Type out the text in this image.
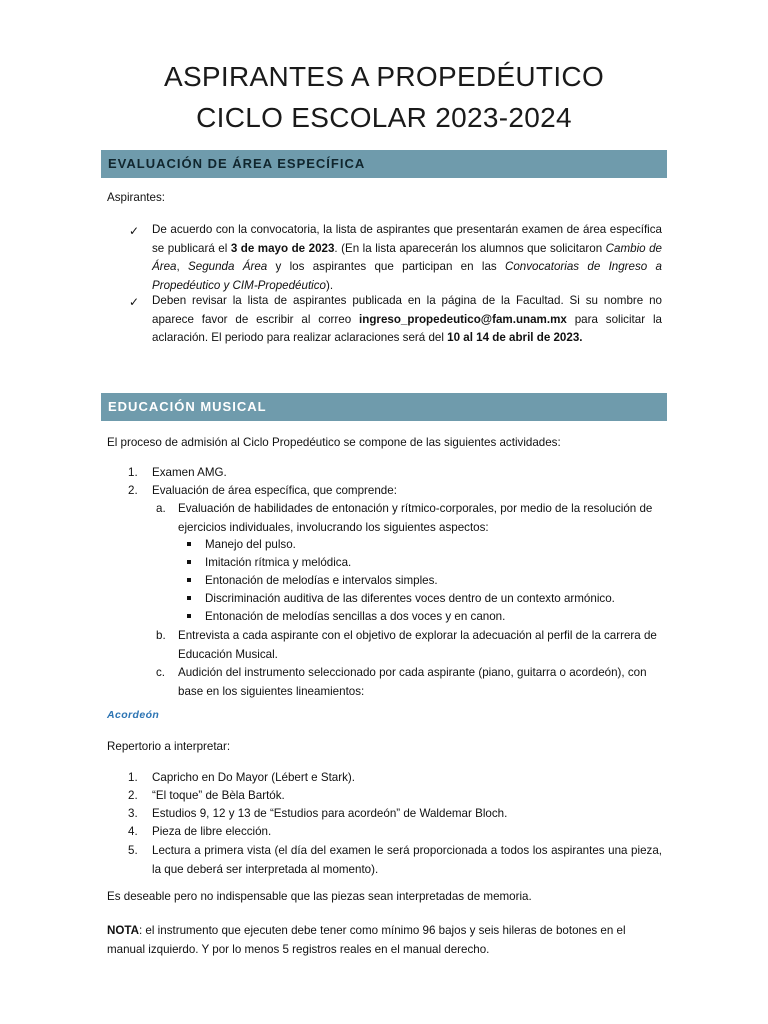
ASPIRANTES A PROPEDÉUTICO
CICLO ESCOLAR 2023-2024
EVALUACIÓN DE ÁREA ESPECÍFICA
Aspirantes:
✓ De acuerdo con la convocatoria, la lista de aspirantes que presentarán examen de área específica se publicará el 3 de mayo de 2023. (En la lista aparecerán los alumnos que solicitaron Cambio de Área, Segunda Área y los aspirantes que participan en las Convocatorias de Ingreso a Propedéutico y CIM-Propedéutico).
✓ Deben revisar la lista de aspirantes publicada en la página de la Facultad. Si su nombre no aparece favor de escribir al correo ingreso_propedeutico@fam.unam.mx para solicitar la aclaración. El periodo para realizar aclaraciones será del 10 al 14 de abril de 2023.
EDUCACIÓN MUSICAL
El proceso de admisión al Ciclo Propedéutico se compone de las siguientes actividades:
1. Examen AMG.
2. Evaluación de área específica, que comprende:
a. Evaluación de habilidades de entonación y rítmico-corporales, por medio de la resolución de ejercicios individuales, involucrando los siguientes aspectos:
Manejo del pulso.
Imitación rítmica y melódica.
Entonación de melodías e intervalos simples.
Discriminación auditiva de las diferentes voces dentro de un contexto armónico.
Entonación de melodías sencillas a dos voces y en canon.
b. Entrevista a cada aspirante con el objetivo de explorar la adecuación al perfil de la carrera de Educación Musical.
c. Audición del instrumento seleccionado por cada aspirante (piano, guitarra o acordeón), con base en los siguientes lineamientos:
Acordeón
Repertorio a interpretar:
1. Capricho en Do Mayor (Lébert e Stark).
2. “El toque” de Bèla Bartók.
3. Estudios 9, 12 y 13 de “Estudios para acordeón” de Waldemar Bloch.
4. Pieza de libre elección.
5. Lectura a primera vista (el día del examen le será proporcionada a todos los aspirantes una pieza, la que deberá ser interpretada al momento).
Es deseable pero no indispensable que las piezas sean interpretadas de memoria.
NOTA: el instrumento que ejecuten debe tener como mínimo 96 bajos y seis hileras de botones en el manual izquierdo. Y por lo menos 5 registros reales en el manual derecho.
